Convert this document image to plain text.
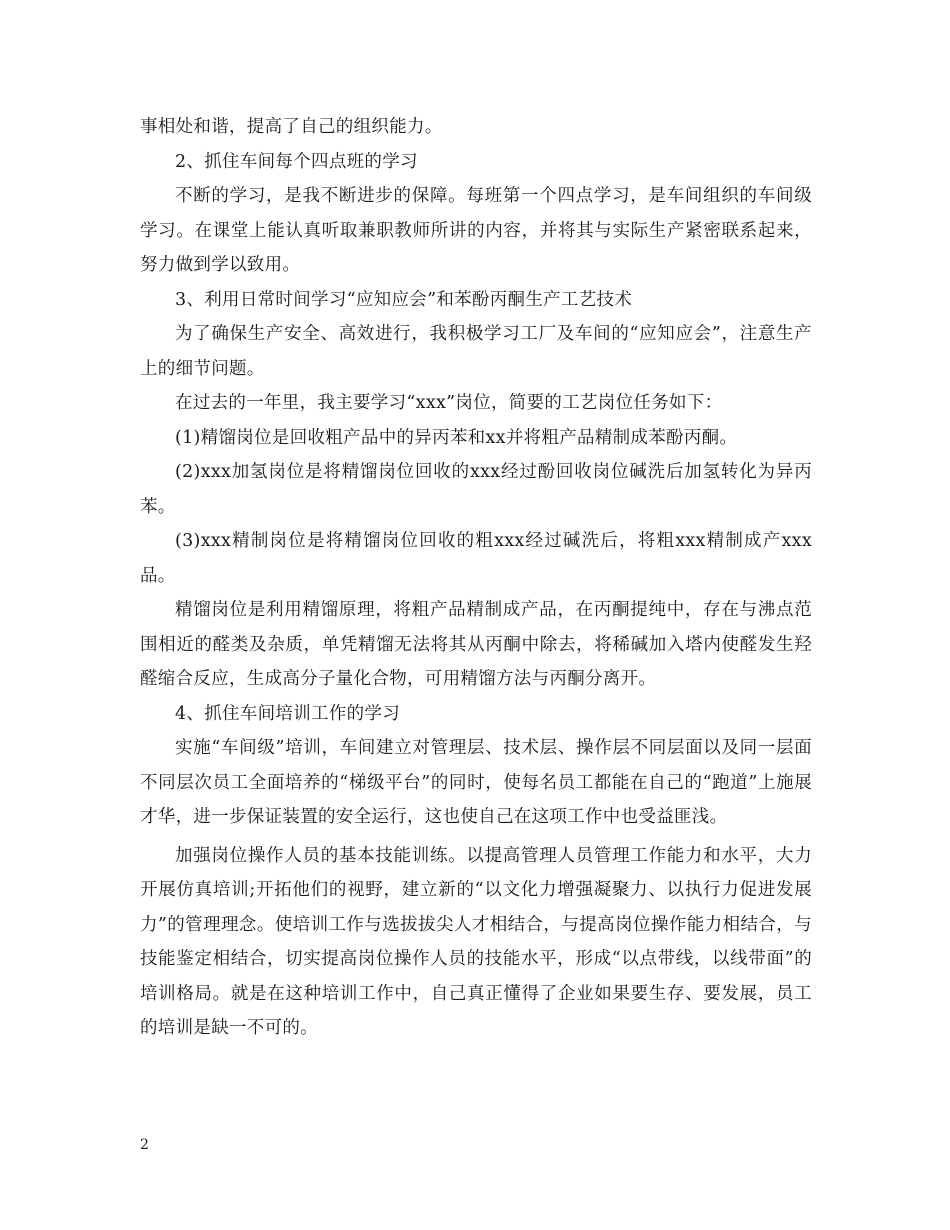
事相处和谐，提高了自己的组织能力。

2、抓住车间每个四点班的学习

不断的学习，是我不断进步的保障。每班第一个四点学习，是车间组织的车间级学习。在课堂上能认真听取兼职教师所讲的内容，并将其与实际生产紧密联系起来，努力做到学以致用。

3、利用日常时间学习“应知应会”和苯酚丙酮生产工艺技术

为了确保生产安全、高效进行，我积极学习工厂及车间的“应知应会”，注意生产上的细节问题。

在过去的一年里，我主要学习“xxx”岗位，简要的工艺岗位任务如下：

(1)精馏岗位是回收粗产品中的异丙苯和xx并将粗产品精制成苯酚丙酮。

(2)xxx加氢岗位是将精馏岗位回收的xxx经过酚回收岗位碱洗后加氢转化为异丙苯。

(3)xxx精制岗位是将精馏岗位回收的粗xxx经过碱洗后，将粗xxx精制成产xxx品。

精馏岗位是利用精馏原理，将粗产品精制成产品，在丙酮提纯中，存在与沸点范围相近的醛类及杂质，单凭精馏无法将其从丙酮中除去，将稀碱加入塔内使醛发生羟醛缩合反应，生成高分子量化合物，可用精馏方法与丙酮分离开。

4、抓住车间培训工作的学习

实施“车间级”培训，车间建立对管理层、技术层、操作层不同层面以及同一层面不同层次员工全面培养的“梯级平台”的同时，使每名员工都能在自己的“跑道”上施展才华，进一步保证装置的安全运行，这也使自己在这项工作中也受益匪浅。

加强岗位操作人员的基本技能训练。以提高管理人员管理工作能力和水平，大力开展仿真培训;开拓他们的视野，建立新的“以文化力增强凝聚力、以执行力促进发展力”的管理理念。使培训工作与选拔拔尖人才相结合，与提高岗位操作能力相结合，与技能鉴定相结合，切实提高岗位操作人员的技能水平，形成“以点带线，以线带面”的培训格局。就是在这种培训工作中，自己真正懂得了企业如果要生存、要发展，员工的培训是缺一不可的。

2
